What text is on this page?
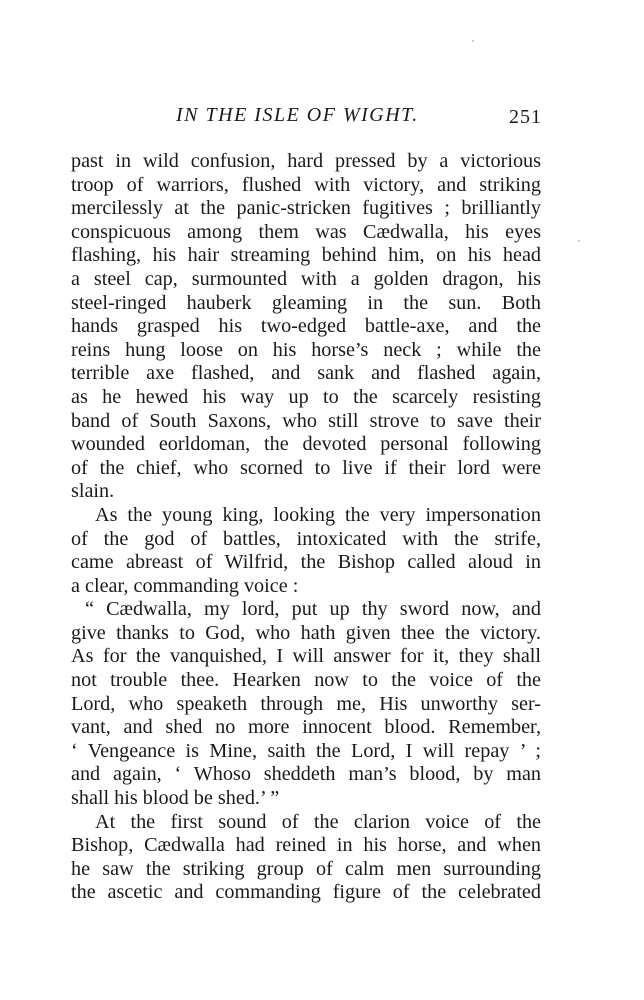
IN THE ISLE OF WIGHT.	251
past in wild confusion, hard pressed by a victorious
troop of warriors, flushed with victory, and striking
mercilessly at the panic-stricken fugitives ; brilliantly
conspicuous among them was Cædwalla, his eyes
flashing, his hair streaming behind him, on his head
a steel cap, surmounted with a golden dragon, his
steel-ringed hauberk gleaming in the sun. Both
hands grasped his two-edged battle-axe, and the
reins hung loose on his horse’s neck ; while the
terrible axe flashed, and sank and flashed again,
as he hewed his way up to the scarcely resisting
band of South Saxons, who still strove to save their
wounded eorldoman, the devoted personal following
of the chief, who scorned to live if their lord were
slain.
As the young king, looking the very impersonation
of the god of battles, intoxicated with the strife,
came abreast of Wilfrid, the Bishop called aloud in
a clear, commanding voice :
“ Cædwalla, my lord, put up thy sword now, and
give thanks to God, who hath given thee the victory.
As for the vanquished, I will answer for it, they shall
not trouble thee. Hearken now to the voice of the
Lord, who speaketh through me, His unworthy ser-
vant, and shed no more innocent blood. Remember,
‘ Vengeance is Mine, saith the Lord, I will repay ’ ;
and again, ‘ Whoso sheddeth man’s blood, by man
shall his blood be shed.’ ”
At the first sound of the clarion voice of the
Bishop, Cædwalla had reined in his horse, and when
he saw the striking group of calm men surrounding
the ascetic and commanding figure of the celebrated
